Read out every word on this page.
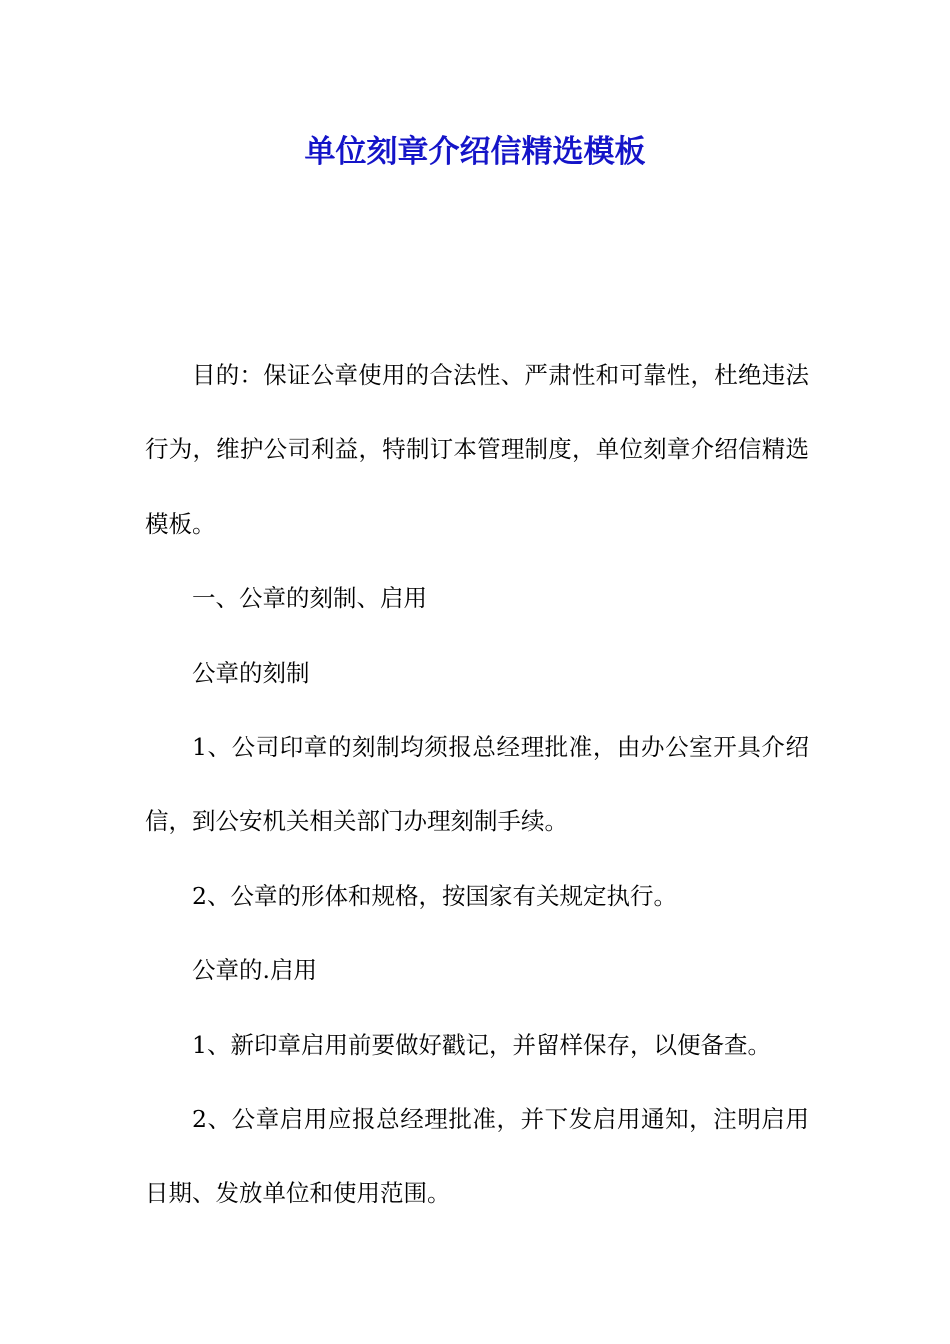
单位刻章介绍信精选模板

目的：保证公章使用的合法性、严肃性和可靠性，杜绝违法行为，维护公司利益，特制订本管理制度，单位刻章介绍信精选模板。

一、公章的刻制、启用

公章的刻制

1、公司印章的刻制均须报总经理批准，由办公室开具介绍信，到公安机关相关部门办理刻制手续。

2、公章的形体和规格，按国家有关规定执行。

公章的.启用

1、新印章启用前要做好戳记，并留样保存，以便备查。

2、公章启用应报总经理批准，并下发启用通知，注明启用日期、发放单位和使用范围。
